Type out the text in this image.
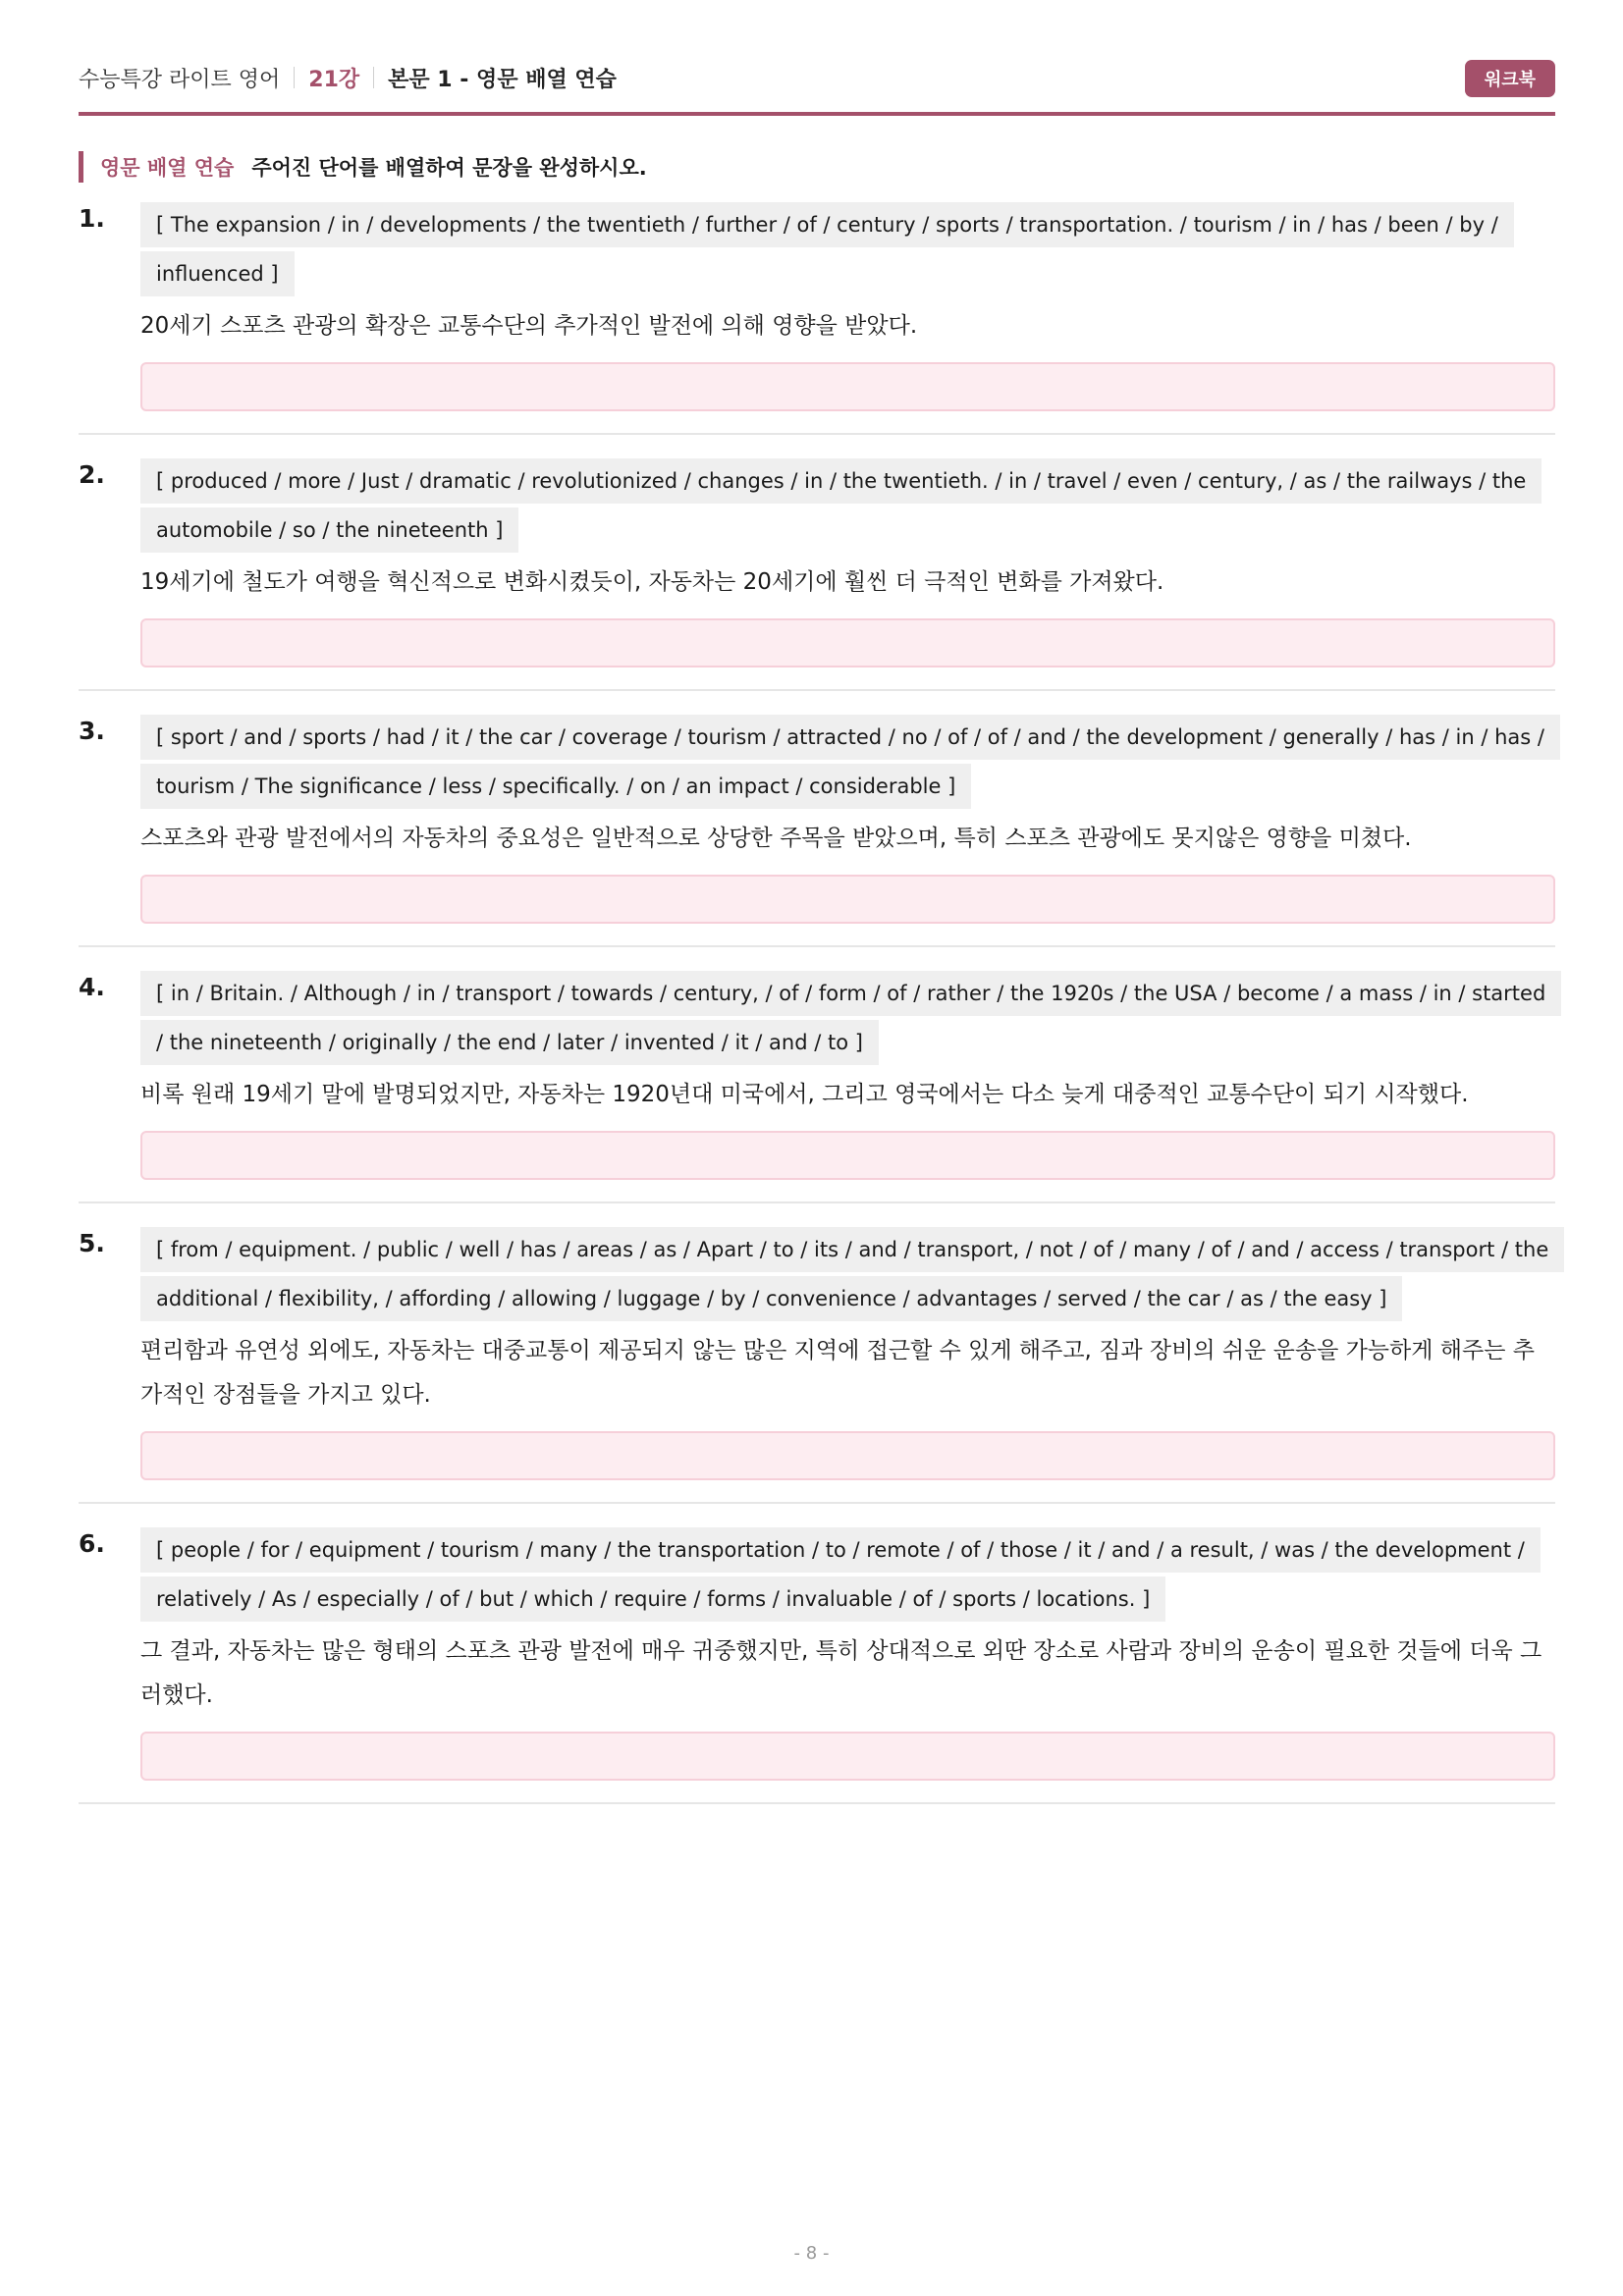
수능특강 라이트 영어 21강 본문 1 - 영문 배열 연습	워크북
영문 배열 연습 주어진 단어를 배열하여 문장을 완성하시오.
1.	[ The expansion / in / developments / the twentieth / further / of / century / sports / transportation. / tourism / in / has / been / by / influenced ]
20세기 스포츠 관광의 확장은 교통수단의 추가적인 발전에 의해 영향을 받았다.
2.	[ produced / more / Just / dramatic / revolutionized / changes / in / the twentieth. / in / travel / even / century, / as / the railways / the automobile / so / the nineteenth ]
19세기에 철도가 여행을 혁신적으로 변화시켰듯이, 자동차는 20세기에 훨씬 더 극적인 변화를 가져왔다.
3.	[ sport / and / sports / had / it / the car / coverage / tourism / attracted / no / of / of / and / the development / generally / has / in / has / tourism / The significance / less / specifically. / on / an impact / considerable ]
스포츠와 관광 발전에서의 자동차의 중요성은 일반적으로 상당한 주목을 받았으며, 특히 스포츠 관광에도 못지않은 영향을 미쳤다.
4.	[ in / Britain. / Although / in / transport / towards / century, / of / form / of / rather / the 1920s / the USA / become / a mass / in / started / the nineteenth / originally / the end / later / invented / it / and / to ]
비록 원래 19세기 말에 발명되었지만, 자동차는 1920년대 미국에서, 그리고 영국에서는 다소 늦게 대중적인 교통수단이 되기 시작했다.
5.	[ from / equipment. / public / well / has / areas / as / Apart / to / its / and / transport, / not / of / many / of / and / access / transport / the additional / flexibility, / affording / allowing / luggage / by / convenience / advantages / served / the car / as / the easy ]
편리함과 유연성 외에도, 자동차는 대중교통이 제공되지 않는 많은 지역에 접근할 수 있게 해주고, 짐과 장비의 쉬운 운송을 가능하게 해주는 추가적인 장점들을 가지고 있다.
6.	[ people / for / equipment / tourism / many / the transportation / to / remote / of / those / it / and / a result, / was / the development / relatively / As / especially / of / but / which / require / forms / invaluable / of / sports / locations. ]
그 결과, 자동차는 많은 형태의 스포츠 관광 발전에 매우 귀중했지만, 특히 상대적으로 외딴 장소로 사람과 장비의 운송이 필요한 것들에 더욱 그러했다.
- 8 -
